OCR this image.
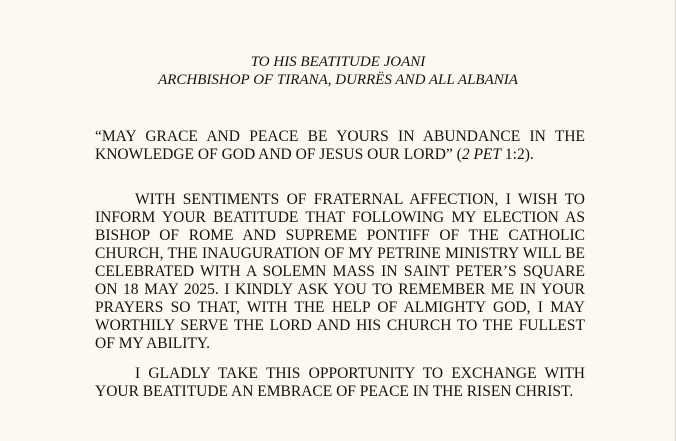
TO HIS BEATITUDE JOANI
ARCHBISHOP OF TIRANA, DURRËS AND ALL ALBANIA

“MAY GRACE AND PEACE BE YOURS IN ABUNDANCE IN THE KNOWLEDGE OF GOD AND OF JESUS OUR LORD” (2 PET 1:2).

WITH SENTIMENTS OF FRATERNAL AFFECTION, I WISH TO INFORM YOUR BEATITUDE THAT FOLLOWING MY ELECTION AS BISHOP OF ROME AND SUPREME PONTIFF OF THE CATHOLIC CHURCH, THE INAUGURATION OF MY PETRINE MINISTRY WILL BE CELEBRATED WITH A SOLEMN MASS IN SAINT PETER’S SQUARE ON 18 MAY 2025. I KINDLY ASK YOU TO REMEMBER ME IN YOUR PRAYERS SO THAT, WITH THE HELP OF ALMIGHTY GOD, I MAY WORTHILY SERVE THE LORD AND HIS CHURCH TO THE FULLEST OF MY ABILITY.

I GLADLY TAKE THIS OPPORTUNITY TO EXCHANGE WITH YOUR BEATITUDE AN EMBRACE OF PEACE IN THE RISEN CHRIST.
